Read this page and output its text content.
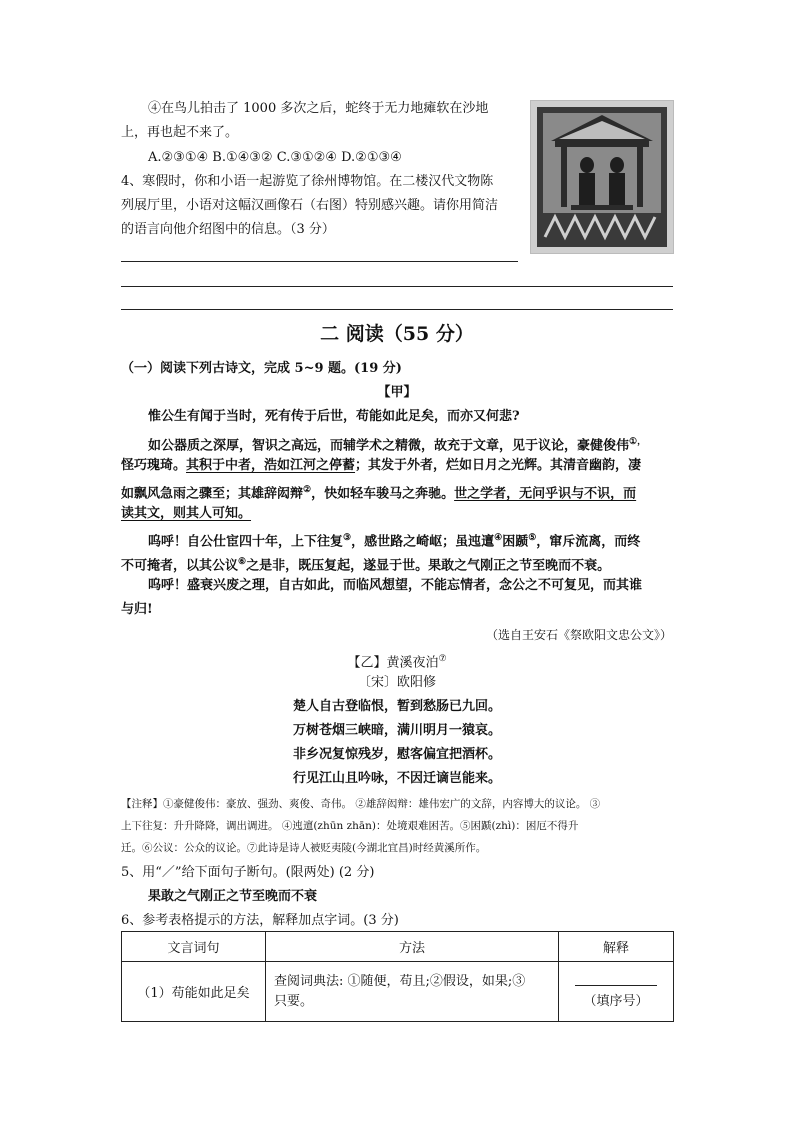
④在鸟儿拍击了 1000 多次之后，蛇终于无力地瘫软在沙地
上，再也起不来了。
A.②③①④ B.①④③② C.③①②④ D.②①③④
4、寒假时，你和小语一起游览了徐州博物馆。在二楼汉代文物陈
列展厅里，小语对这幅汉画像石（右图）特别感兴趣。请你用简洁
的语言向他介绍图中的信息。（3 分）
二 阅读（55 分）
（一）阅读下列古诗文，完成 5~9 题。(19 分)
【甲】
惟公生有闻于当时，死有传于后世，苟能如此足矣，而亦又何悲?
如公器质之深厚，智识之高远，而辅学术之精微，故充于文章，见于议论，豪健俊伟①，
怪巧瑰琦。其积于中者，浩如江河之停蓄；其发于外者，烂如日月之光辉。其清音幽韵，凄
如飘风急雨之骤至；其雄辞闳辩②，快如轻车骏马之奔驰。世之学者，无问乎识与不识，而
读其文，则其人可知。
呜呼！自公仕宦四十年，上下往复③，感世路之崎岖；虽迍邅④困踬⑤，窜斥流离，而终
不可掩者，以其公议⑥之是非，既压复起，遂显于世。果敢之气刚正之节至晚而不衰。
呜呼！盛衰兴废之理，自古如此，而临风想望，不能忘情者，念公之不可复见，而其谁
与归!
（选自王安石《祭欧阳文忠公文》）
【乙】黄溪夜泊⑦
〔宋〕欧阳修
楚人自古登临恨，暂到愁肠已九回。
万树苍烟三峡暗，满川明月一猿哀。
非乡况复惊残岁，慰客偏宜把酒杯。
行见江山且吟咏，不因迁谪岂能来。
【注释】①豪健俊伟：豪放、强劲、爽俊、奇伟。 ②雄辞闳辩：雄伟宏广的文辞，内容博大的议论。 ③
上下往复：升升降降，调出调进。 ④迍邅(zhūn zhān)：处境艰难困苦。⑤困踬(zhì)：困厄不得升
迁。⑥公议：公众的议论。⑦此诗是诗人被贬夷陵(今湖北宜昌)时经黄溪所作。
5、用“／”给下面句子断句。(限两处) (2 分)
果敢之气刚正之节至晚而不衰
6、参考表格提示的方法，解释加点字词。(3 分)
文言词句	方法	解释
（1）苟能如此足矣	查阅词典法: ①随便，苟且;②假设，如果;③
只要。	（填序号）
